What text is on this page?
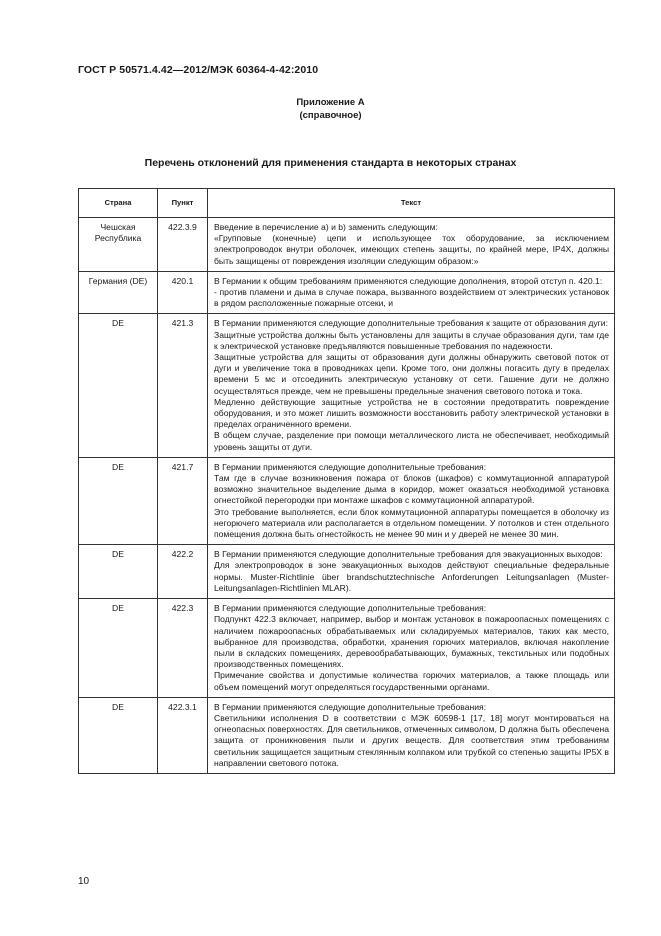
ГОСТ Р 50571.4.42—2012/МЭК 60364-4-42:2010
Приложение А
(справочное)
Перечень отклонений для применения стандарта в некоторых странах
Страна	Пункт	Текст
Чешская Республика	422.3.9	Введение в перечисление a) и b) заменить следующим:
«Групповые (конечные) цепи и использующее тох оборудование, за исключением электропроводок внутри оболочек, имеющих степень защиты, по крайней мере, IP4X, должны быть защищены от повреждения изоляции следующим образом:»

Германия (DE)	420.1	В Германии к общим требованиям применяются следующие дополнения, второй отступ п. 420.1:
- против пламени и дыма в случае пожара, вызванного воздействием от электрических установок в рядом расположенные пожарные отсеки, и

DE	421.3	В Германии применяются следующие дополнительные требования к защите от образования дуги:
Защитные устройства должны быть установлены для защиты в случае образования дуги, там где к электрической установке предъявляются повышенные требования по надежности.
Защитные устройства для защиты от образования дуги должны обнаружить световой поток от дуги и увеличение тока в проводниках цепи. Кроме того, они должны погасить дугу в пределах времени 5 мс и отсоединить электрическую установку от сети. Гашение дуги не должно осуществляться прежде, чем не превышены предельные значения светового потока и тока.
Медленно действующие защитные устройства не в состоянии предотвратить повреждение оборудования, и это может лишить возможности восстановить работу электрической установки в пределах ограниченного времени.
В общем случае, разделение при помощи металлического листа не обеспечивает, необходимый уровень защиты от дуги.

DE	421.7	В Германии применяются следующие дополнительные требования:
Там где в случае возникновения пожара от блоков (шкафов) с коммутационной аппаратурой возможно значительное выделение дыма в коридор, может оказаться необходимой установка огнестойкой перегородки при монтаже шкафов с коммутационной аппаратурой.
Это требование выполняется, если блок коммутационной аппаратуры помещается в оболочку из негорючего материала или располагается в отдельном помещении. У потолков и стен отдельного помещения должна быть огнестойкость не менее 90 мин и у дверей не менее 30 мин.

DE	422.2	В Германии применяются следующие дополнительные требования для эвакуационных выходов:
Для электропроводок в зоне эвакуационных выходов действуют специальные федеральные нормы. Muster-Richtlinie über brandschutztechnische Anforderungen Leitungsanlagen (Muster-Leitungsanlagen-Richtlinien MLAR).

DE	422.3	В Германии применяются следующие дополнительные требования:
Подпункт 422.3 включает, например, выбор и монтаж установок в пожароопасных помещениях с наличием пожароопасных обрабатываемых или складируемых материалов, таких как место, выбранное для производства, обработки, хранения горючих материалов, включая накопление пыли в складских помещениях, деревообрабатывающих, бумажных, текстильных или подобных производственных помещениях.
Примечание свойства и допустимые количества горючих материалов, а также площадь или объем помещений могут определяться государственными органами.

DE	422.3.1	В Германии применяются следующие дополнительные требования:
Светильники исполнения D в соответствии с МЭК 60598-1 [17, 18] могут монтироваться на огнеопасных поверхностях. Для светильников, отмеченных символом, D должна быть обеспечена защита от проникновения пыли и других веществ. Для соответствия этим требованиям светильник защищается защитным стеклянным колпаком или трубкой со степенью защиты IP5X в направлении светового потока.
10
